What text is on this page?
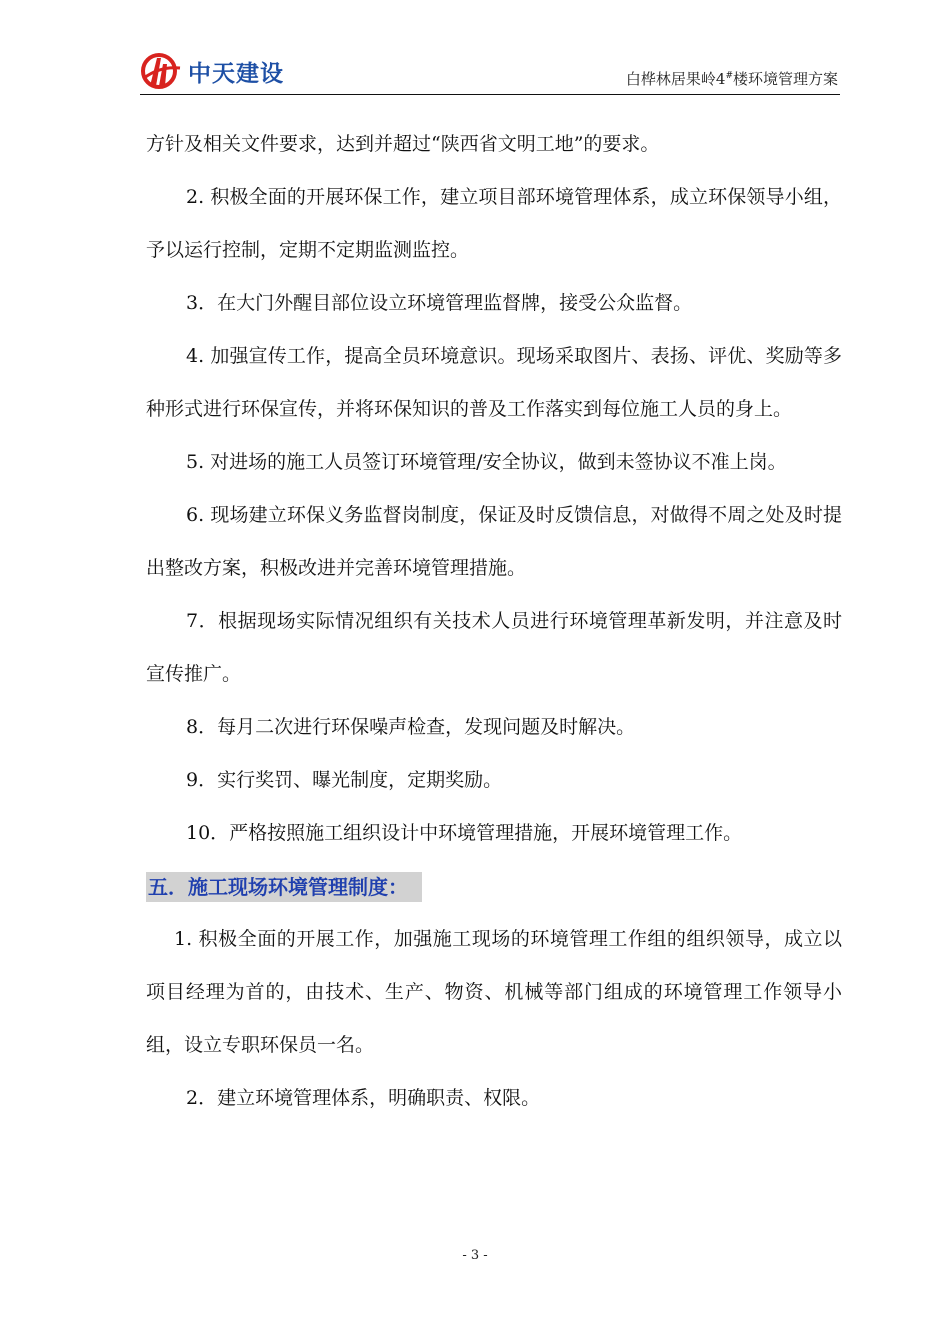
中天建设	白桦林居果岭4#楼环境管理方案

方针及相关文件要求，达到并超过“陕西省文明工地”的要求。

2. 积极全面的开展环保工作，建立项目部环境管理体系，成立环保领导小组，予以运行控制，定期不定期监测监控。

3．在大门外醒目部位设立环境管理监督牌，接受公众监督。

4. 加强宣传工作，提高全员环境意识。现场采取图片、表扬、评优、奖励等多种形式进行环保宣传，并将环保知识的普及工作落实到每位施工人员的身上。

5. 对进场的施工人员签订环境管理/安全协议，做到未签协议不准上岗。

6. 现场建立环保义务监督岗制度，保证及时反馈信息，对做得不周之处及时提出整改方案，积极改进并完善环境管理措施。

7．根据现场实际情况组织有关技术人员进行环境管理革新发明，并注意及时宣传推广。

8．每月二次进行环保噪声检查，发现问题及时解决。

9．实行奖罚、曝光制度，定期奖励。

10．严格按照施工组织设计中环境管理措施，开展环境管理工作。

五．施工现场环境管理制度：

1. 积极全面的开展工作，加强施工现场的环境管理工作组的组织领导，成立以项目经理为首的，由技术、生产、物资、机械等部门组成的环境管理工作领导小组，设立专职环保员一名。

2．建立环境管理体系，明确职责、权限。

- 3 -
